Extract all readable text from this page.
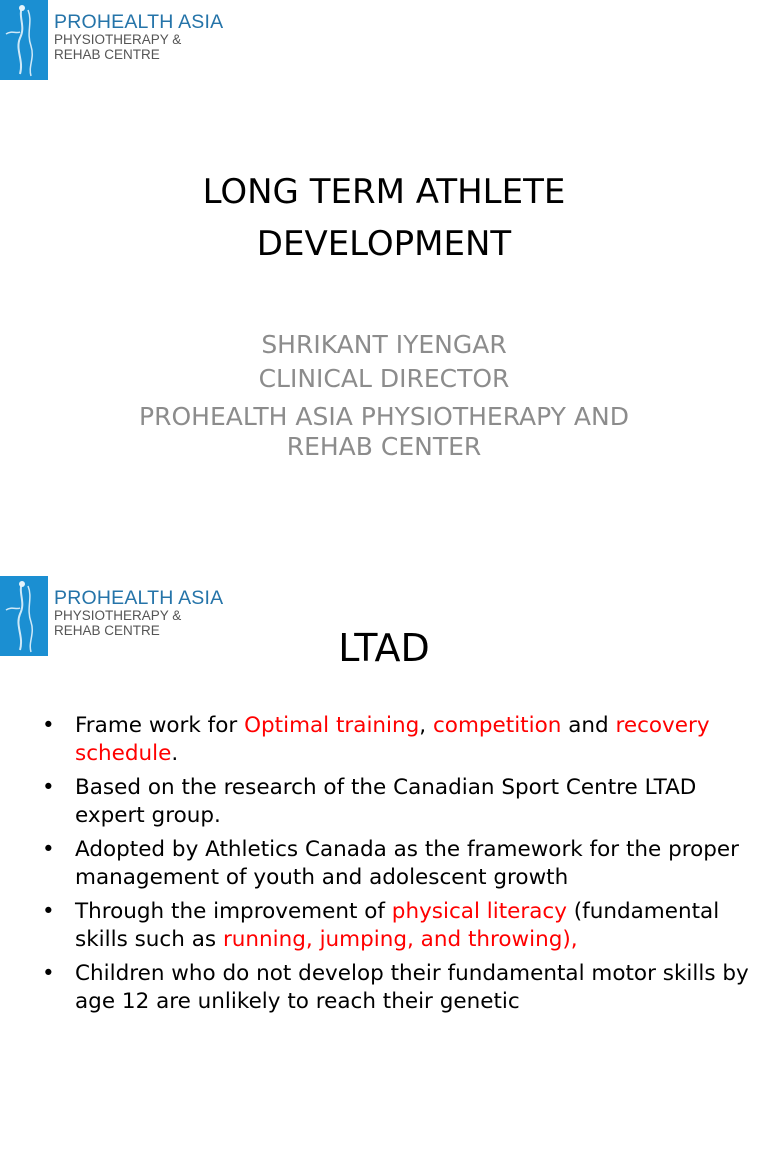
PROHEALTH ASIA
PHYSIOTHERAPY &
REHAB CENTRE
LONG TERM ATHLETE
DEVELOPMENT
SHRIKANT IYENGAR
CLINICAL DIRECTOR
PROHEALTH ASIA PHYSIOTHERAPY AND
REHAB CENTER
PROHEALTH ASIA
PHYSIOTHERAPY &
REHAB CENTRE	LTAD
• Frame work for Optimal training, competition and recovery schedule.
• Based on the research of the Canadian Sport Centre LTAD expert group.
• Adopted by Athletics Canada as the framework for the proper management of youth and adolescent growth
• Through the improvement of physical literacy (fundamental skills such as running, jumping, and throwing),
• Children who do not develop their fundamental motor skills by age 12 are unlikely to reach their genetic
